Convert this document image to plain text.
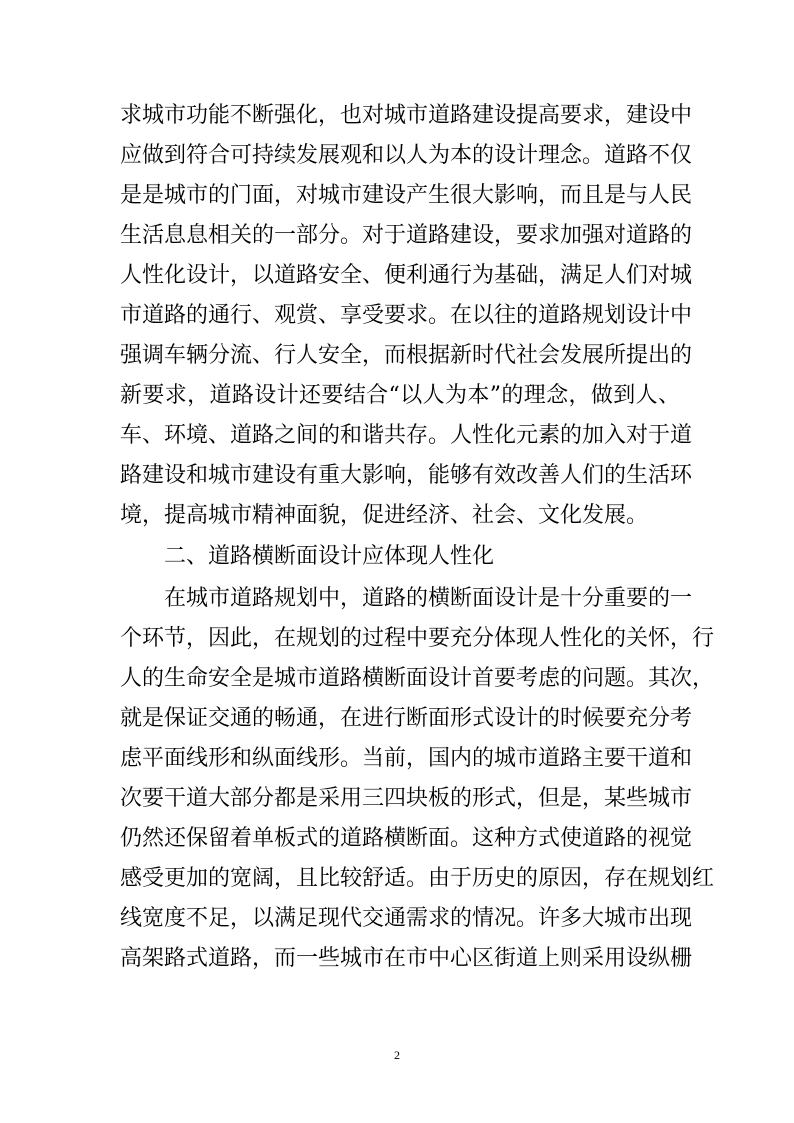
求城市功能不断强化，也对城市道路建设提高要求，建设中
应做到符合可持续发展观和以人为本的设计理念。道路不仅
是是城市的门面，对城市建设产生很大影响，而且是与人民
生活息息相关的一部分。对于道路建设，要求加强对道路的
人性化设计，以道路安全、便利通行为基础，满足人们对城
市道路的通行、观赏、享受要求。在以往的道路规划设计中
强调车辆分流、行人安全，而根据新时代社会发展所提出的
新要求，道路设计还要结合“以人为本”的理念，做到人、
车、环境、道路之间的和谐共存。人性化元素的加入对于道
路建设和城市建设有重大影响，能够有效改善人们的生活环
境，提高城市精神面貌，促进经济、社会、文化发展。
二、道路横断面设计应体现人性化
在城市道路规划中，道路的横断面设计是十分重要的一
个环节，因此，在规划的过程中要充分体现人性化的关怀，行
人的生命安全是城市道路横断面设计首要考虑的问题。其次，
就是保证交通的畅通，在进行断面形式设计的时候要充分考
虑平面线形和纵面线形。当前，国内的城市道路主要干道和
次要干道大部分都是采用三四块板的形式，但是，某些城市
仍然还保留着单板式的道路横断面。这种方式使道路的视觉
感受更加的宽阔，且比较舒适。由于历史的原因，存在规划红
线宽度不足，以满足现代交通需求的情况。许多大城市出现
高架路式道路，而一些城市在市中心区街道上则采用设纵栅
2
